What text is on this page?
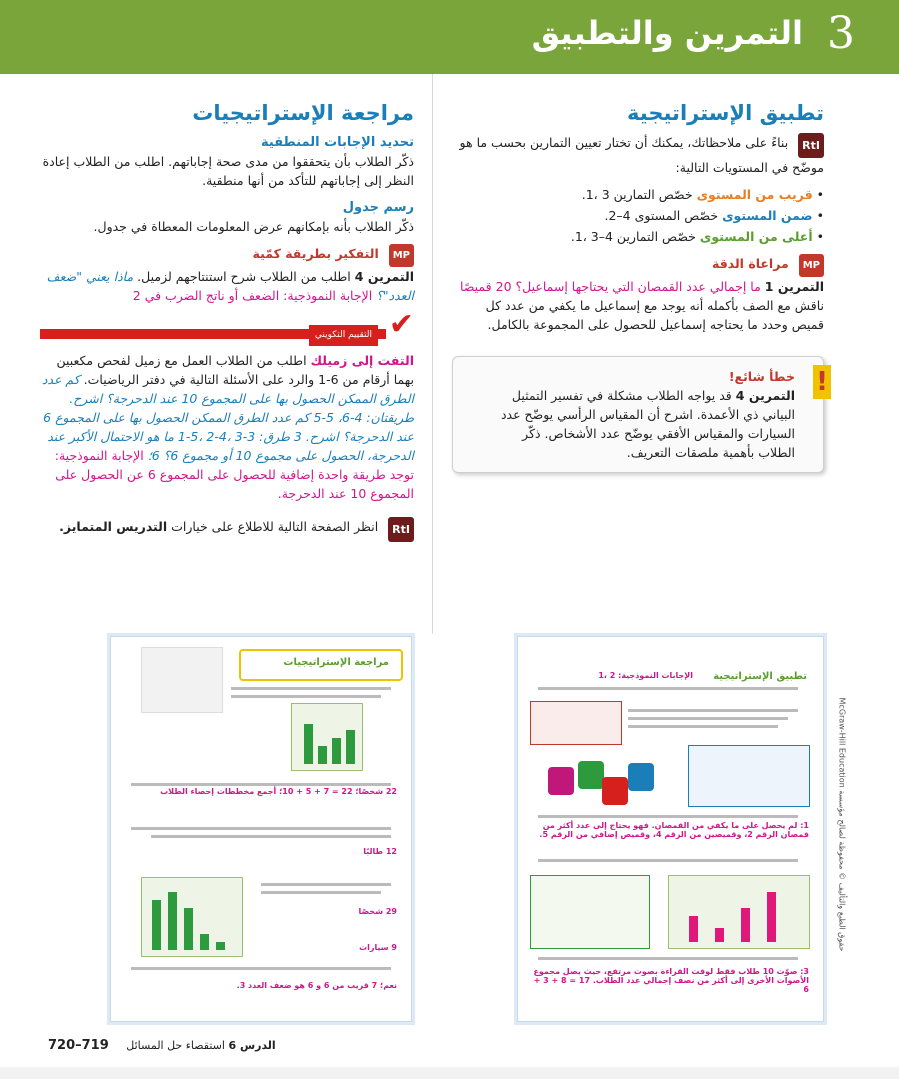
التمرين والتطبيق 3
تطبيق الإستراتيجية

RtI بناءً على ملاحظاتك، يمكنك أن تختار تعيين التمارين بحسب ما هو موضّح في المستويات التالية:

• قريب من المستوى خصّص التمارين 3 ،1.
• ضمن المستوى خصّص المستوى 4–2.
• أعلى من المستوى خصّص التمارين 4–3 ،1.
MP مراعاة الدقة

التمرين 1 ما إجمالي عدد القمصان التي يحتاجها إسماعيل؟ 20 قميصًا ناقش مع الصف بأكمله أنه يوجد مع إسماعيل ما يكفي من عدد كل قميص وحدد ما يحتاجه إسماعيل للحصول على المجموعة بالكامل.

!
خطأ شائع!
التمرين 4 قد يواجه الطلاب مشكلة في تفسير التمثيل البياني ذي الأعمدة. اشرح أن المقياس الرأسي يوضّح عدد السيارات والمقياس الأفقي يوضّح عدد الأشخاص. ذكّر الطلاب بأهمية ملصقات التعريف.
مراجعة الإستراتيجيات
تحديد الإجابات المنطقية

ذكّر الطلاب بأن يتحققوا من مدى صحة إجاباتهم. اطلب من الطلاب إعادة النظر إلى إجاباتهم للتأكد من أنها منطقية.

رسم جدول

ذكّر الطلاب بأنه بإمكانهم عرض المعلومات المعطاة في جدول.

MP التفكير بطريقة كمّية

التمرين 4 اطلب من الطلاب شرح استنتاجهم لزميل. ماذا يعني "ضعف العدد"؟ الإجابة النموذجية: الضعف أو ناتج الضرب في 2

التقييم التكويني ✔

التفت إلى زميلك اطلب من الطلاب العمل مع زميل لفحص مكعبين بهما أرقام من 6-1 والرد على الأسئلة التالية في دفتر الرياضيات. كم عدد الطرق الممكن الحصول بها على المجموع 10 عند الدحرجة؟ اشرح. طريقتان: 4-6، 5-5 كم عدد الطرق الممكن الحصول بها على المجموع 6 عند الدحرجة؟ اشرح. 3 طرق: 3-3 ،4-2 ،5-1 ما هو الاحتمال الأكبر عند الدحرجة، الحصول على مجموع 10 أو مجموع 6؟ 6؛ الإجابة النموذجية: توجد طريقة واحدة إضافية للحصول على المجموع 6 عن الحصول على المجموع 10 عند الدحرجة.

RtI انظر الصفحة التالية للاطلاع على خيارات التدريس المتمايز.

مراجعة الإستراتيجيات
22 شخصًا؛ 22 = 7 + 5 + 10؛ أجمع مخططات إحصاء الطلاب
12 طالبًا
29 شخصًا
9 سيارات
نعم؛ 7 قريب من 6 و 6 هو ضعف العدد 3.
تطبيق الإستراتيجية
الإجابات النموذجية: 2 ،1
1: لم يحصل على ما يكفي من القمصان. فهو يحتاج إلى عدد أكثر من قمصان الرقم 2، وقميصين من الرقم 4، وقميص إضافي من الرقم 5.
3: صوّت 10 طلاب فقط لوقت القراءة بصوت مرتفع، حيث يصل مجموع الأصوات الأخرى إلى أكثر من نصف إجمالي عدد الطلاب. 17 = 8 + 3 + 6
حقوق الطبع والتأليف © محفوظة لصالح مؤسسة McGraw-Hill Education
الدرس 6 استقصاء حل المسائل 719–720
